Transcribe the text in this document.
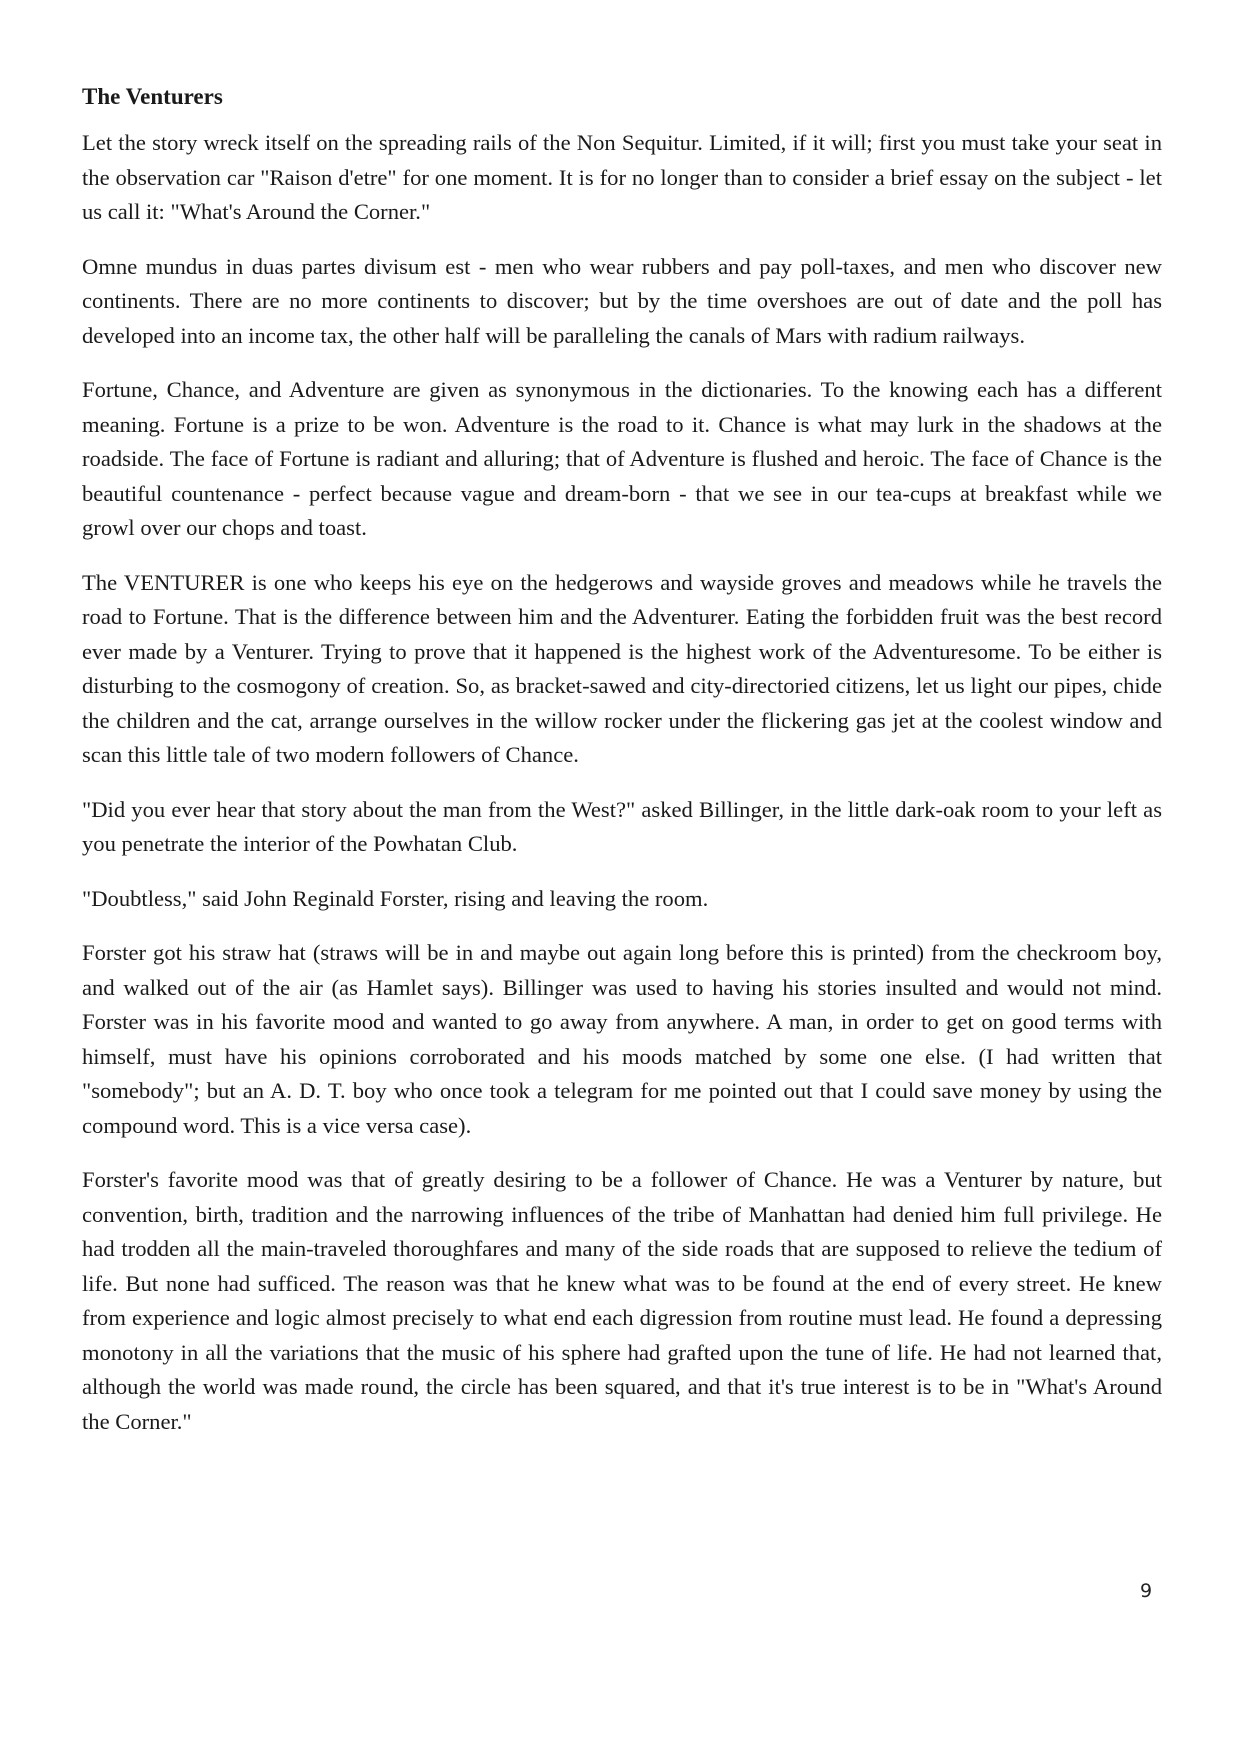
The Venturers

Let the story wreck itself on the spreading rails of the Non Sequitur. Limited, if it will; first you must take your seat in the observation car "Raison d'etre" for one moment. It is for no longer than to consider a brief essay on the subject - let us call it: "What's Around the Corner."

Omne mundus in duas partes divisum est - men who wear rubbers and pay poll-taxes, and men who discover new continents. There are no more continents to discover; but by the time overshoes are out of date and the poll has developed into an income tax, the other half will be paralleling the canals of Mars with radium railways.

Fortune, Chance, and Adventure are given as synonymous in the dictionaries. To the knowing each has a different meaning. Fortune is a prize to be won. Adventure is the road to it. Chance is what may lurk in the shadows at the roadside. The face of Fortune is radiant and alluring; that of Adventure is flushed and heroic. The face of Chance is the beautiful countenance - perfect because vague and dream-born - that we see in our tea-cups at breakfast while we growl over our chops and toast.

The VENTURER is one who keeps his eye on the hedgerows and wayside groves and meadows while he travels the road to Fortune. That is the difference between him and the Adventurer. Eating the forbidden fruit was the best record ever made by a Venturer. Trying to prove that it happened is the highest work of the Adventuresome. To be either is disturbing to the cosmogony of creation. So, as bracket-sawed and city-directoried citizens, let us light our pipes, chide the children and the cat, arrange ourselves in the willow rocker under the flickering gas jet at the coolest window and scan this little tale of two modern followers of Chance.

"Did you ever hear that story about the man from the West?" asked Billinger, in the little dark-oak room to your left as you penetrate the interior of the Powhatan Club.

"Doubtless," said John Reginald Forster, rising and leaving the room.

Forster got his straw hat (straws will be in and maybe out again long before this is printed) from the checkroom boy, and walked out of the air (as Hamlet says). Billinger was used to having his stories insulted and would not mind. Forster was in his favorite mood and wanted to go away from anywhere. A man, in order to get on good terms with himself, must have his opinions corroborated and his moods matched by some one else. (I had written that "somebody"; but an A. D. T. boy who once took a telegram for me pointed out that I could save money by using the compound word. This is a vice versa case).

Forster's favorite mood was that of greatly desiring to be a follower of Chance. He was a Venturer by nature, but convention, birth, tradition and the narrowing influences of the tribe of Manhattan had denied him full privilege. He had trodden all the main-traveled thoroughfares and many of the side roads that are supposed to relieve the tedium of life. But none had sufficed. The reason was that he knew what was to be found at the end of every street. He knew from experience and logic almost precisely to what end each digression from routine must lead. He found a depressing monotony in all the variations that the music of his sphere had grafted upon the tune of life. He had not learned that, although the world was made round, the circle has been squared, and that it's true interest is to be in "What's Around the Corner."

9
